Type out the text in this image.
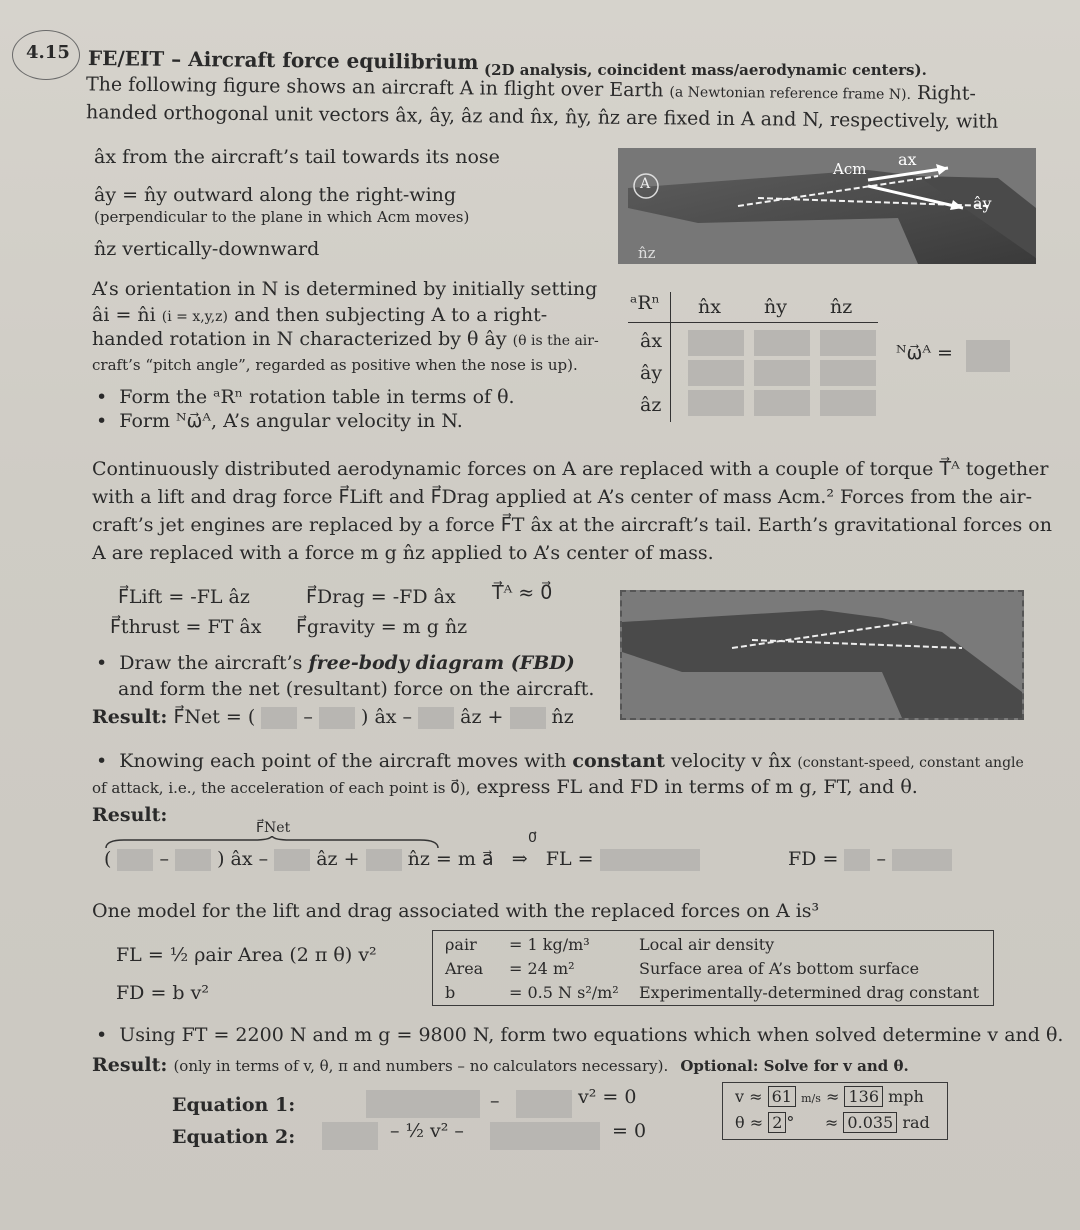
4.15 FE/EIT – Aircraft force equilibrium (2D analysis, coincident mass/aerodynamic centers).
The following figure shows an aircraft A in flight over Earth (a Newtonian reference frame N). Right-
handed orthogonal unit vectors âx, ây, âz and n̂x, n̂y, n̂z are fixed in A and N, respectively, with
âx from the aircraft’s tail towards its nose
ây = n̂y outward along the right-wing
(perpendicular to the plane in which Acm moves)
n̂z vertically-downward
A
Acm ax
ây
n̂z
A’s orientation in N is determined by initially setting
âi = n̂i (i = x,y,z) and then subjecting A to a right-
handed rotation in N characterized by θ ây (θ is the air-
craft’s “pitch angle”, regarded as positive when the nose is up).
•  Form the ᵃRⁿ rotation table in terms of θ.
•  Form ᴺω⃗ᴬ, A’s angular velocity in N.
ᵃRⁿ n̂x n̂y n̂z
âx
ây
âz
ᴺω⃗ᴬ =
Continuously distributed aerodynamic forces on A are replaced with a couple of torque T⃗ᴬ together
with a lift and drag force F⃗Lift and F⃗Drag applied at A’s center of mass Acm.² Forces from the air-
craft’s jet engines are replaced by a force F⃗T âx at the aircraft’s tail. Earth’s gravitational forces on
A are replaced with a force m g n̂z applied to A’s center of mass.
F⃗Lift = -FL âz	F⃗Drag = -FD âx T⃗ᴬ ≈ 0⃗
F⃗thrust = FT âx F⃗gravity = m g n̂z
•  Draw the aircraft’s free-body diagram (FBD)
and form the net (resultant) force on the aircraft.
Result: F⃗Net = (	–	) âx –	âz +	n̂z
•  Knowing each point of the aircraft moves with constant velocity v n̂x (constant-speed, constant angle
of attack, i.e., the acceleration of each point is 0⃗), express FL and FD in terms of m g, FT, and θ.
Result:
F⃗Net
0⃗
(  –	) âx –	âz +	n̂z = m a⃗ ⇒ FL =	FD = –
One model for the lift and drag associated with the replaced forces on A is³
FL = ½ ρair Area (2 π θ) v²
FD = b v²
ρair = 1 kg/m³	Local air density
Area = 24 m²	Surface area of A’s bottom surface
b	= 0.5 N s²/m² Experimentally-determined drag constant
•  Using FT = 2200 N and m g = 9800 N, form two equations which when solved determine v and θ.
Result: (only in terms of v, θ, π and numbers – no calculators necessary). Optional: Solve for v and θ.
Equation 1:	–	v² = 0
Equation 2:	– ½ v² –	= 0
v ≈ 61 m/s ≈ 136 mph
θ ≈ 2 ° ≈ 0.035 rad
